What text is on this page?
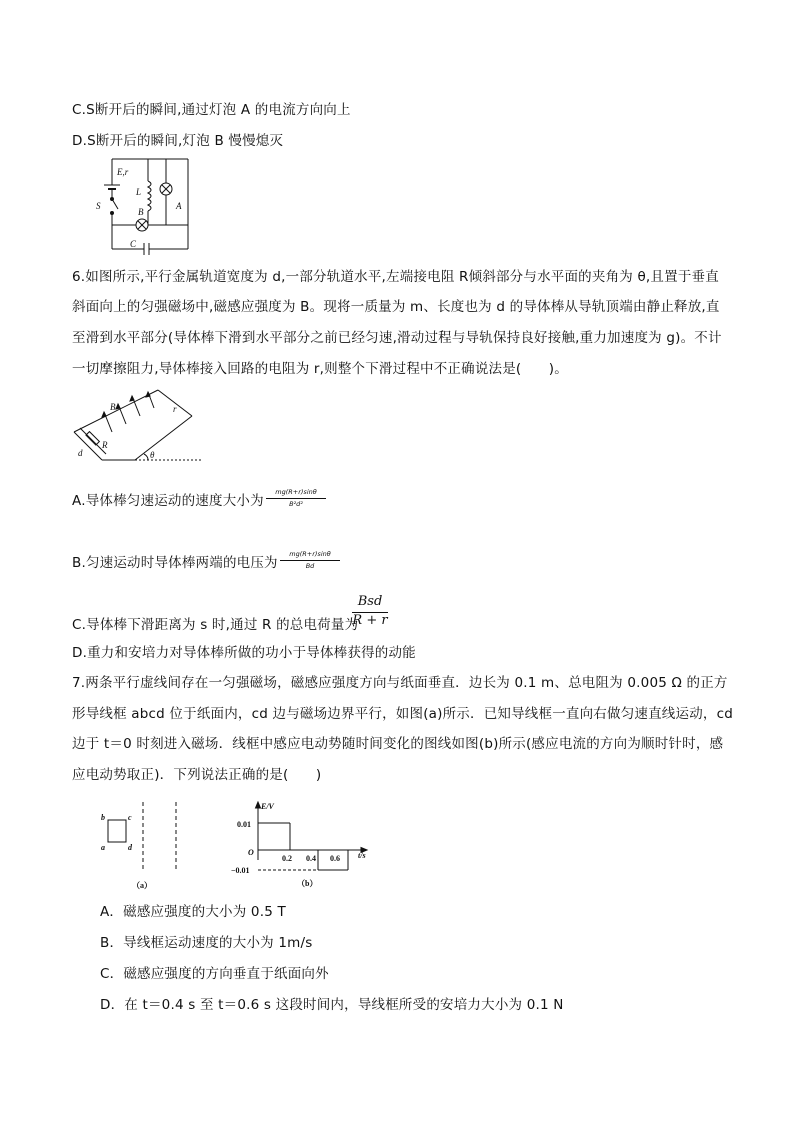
C.S断开后的瞬间,通过灯泡 A 的电流方向向上
D.S断开后的瞬间,灯泡 B 慢慢熄灭
E,r
S
L
A
B
C
6.如图所示,平行金属轨道宽度为 d,一部分轨道水平,左端接电阻 R倾斜部分与水平面的夹角为 θ,且置于垂直
斜面向上的匀强磁场中,磁感应强度为 B。现将一质量为 m、长度也为 d 的导体棒从导轨顶端由静止释放,直
至滑到水平部分(导体棒下滑到水平部分之前已经匀速,滑动过程与导轨保持良好接触,重力加速度为 g)。不计
一切摩擦阻力,导体棒接入回路的电阻为 r,则整个下滑过程中不正确说法是(　　)。
B	r
R
d	θ
A.导体棒匀速运动的速度大小为
mg(R+r)sinθ
B²d²
B.匀速运动时导体棒两端的电压为
mg(R+r)sinθ
Bd
C.导体棒下滑距离为 s 时,通过 R 的总电荷量为
Bsd
R + r
D.重力和安培力对导体棒所做的功小于导体棒获得的动能
7.两条平行虚线间存在一匀强磁场，磁感应强度方向与纸面垂直．边长为 0.1 m、总电阻为 0.005 Ω 的正方
形导线框 abcd 位于纸面内，cd 边与磁场边界平行，如图(a)所示．已知导线框一直向右做匀速直线运动，cd
边于 t＝0 时刻进入磁场．线框中感应电动势随时间变化的图线如图(b)所示(感应电流的方向为顺时针时，感
应电动势取正)．下列说法正确的是(　　)
b	c
a	d
（a）
E/V
t/s
O
0.01
−0.01
0.2 0.4 0.6
（b）
A．磁感应强度的大小为 0.5 T
B．导线框运动速度的大小为 1m/s
C．磁感应强度的方向垂直于纸面向外
D．在 t＝0.4 s 至 t＝0.6 s 这段时间内，导线框所受的安培力大小为 0.1 N
